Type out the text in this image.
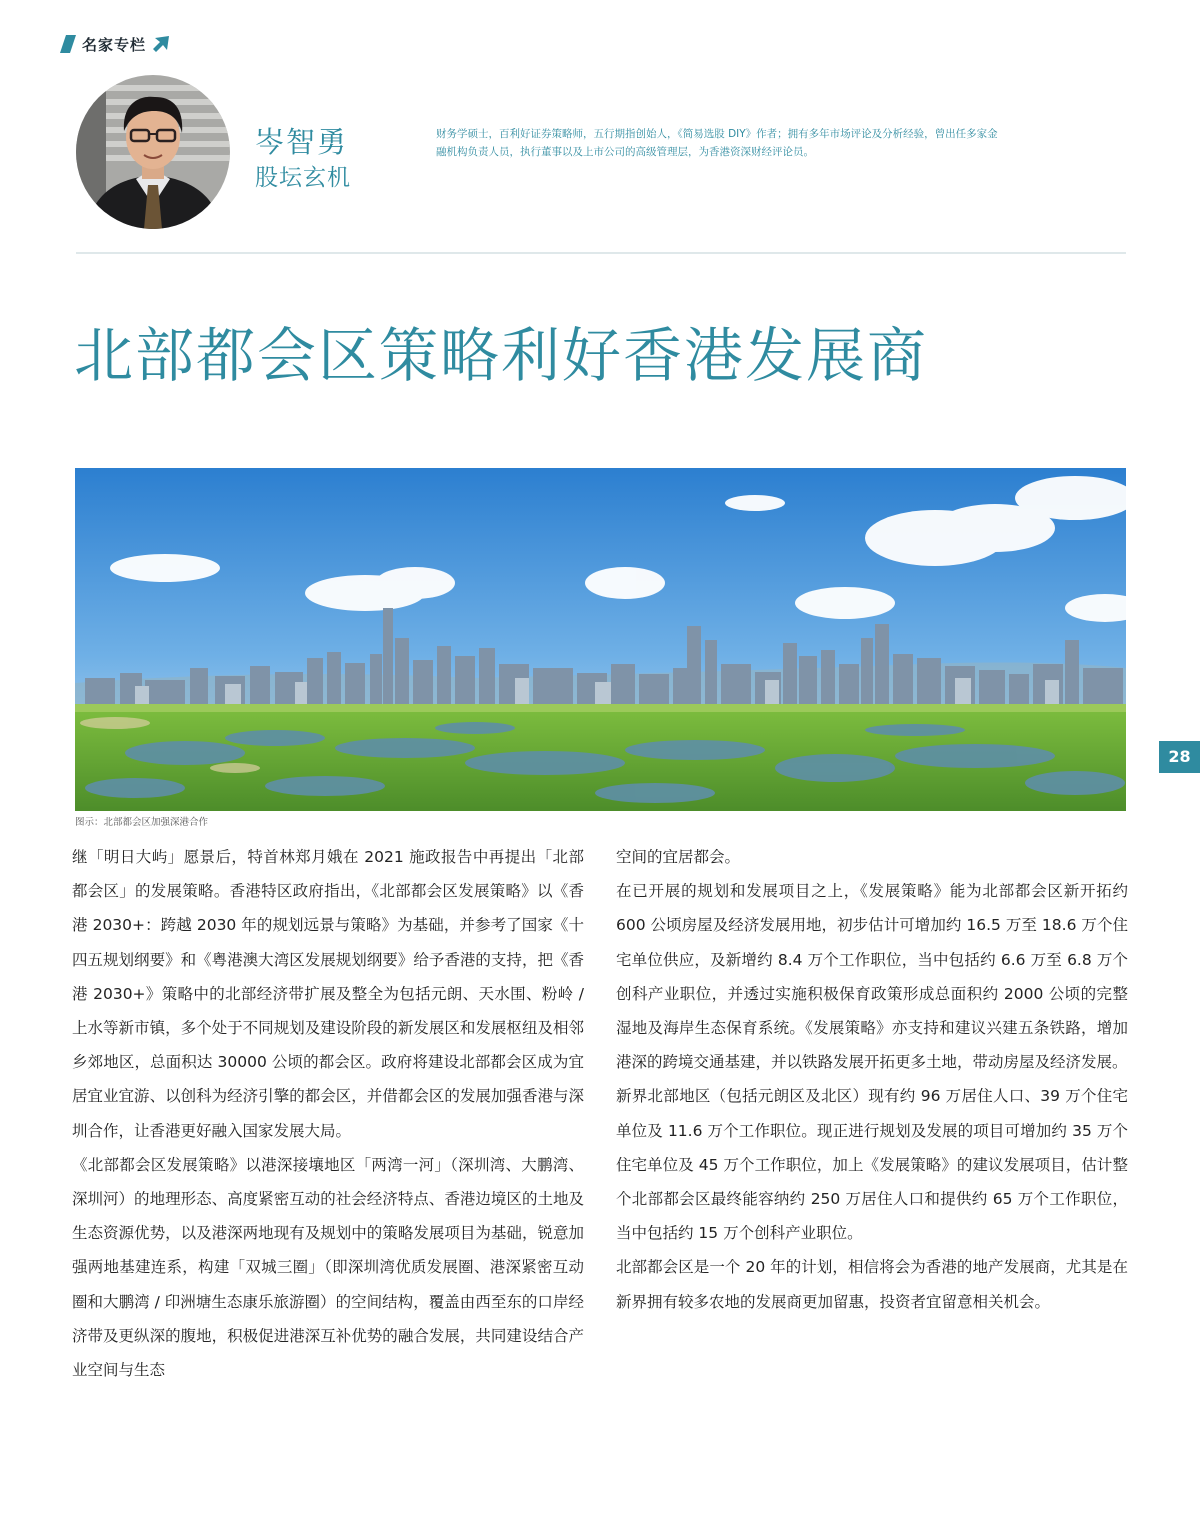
名家专栏
岑智勇
股坛玄机
财务学硕士，百利好证券策略师，五行期指创始人，《简易选股 DIY》作者；拥有多年市场评论及分析经验，曾出任多家金融机构负责人员，执行董事以及上市公司的高级管理层，为香港资深财经评论员。
北部都会区策略利好香港发展商
图示：北部都会区加强深港合作
28

继「明日大屿」愿景后，特首林郑月娥在 2021 施政报告中再提出「北部都会区」的发展策略。香港特区政府指出，《北部都会区发展策略》以《香港 2030+：跨越 2030 年的规划远景与策略》为基础，并参考了国家《十四五规划纲要》和《粤港澳大湾区发展规划纲要》给予香港的支持，把《香港 2030+》策略中的北部经济带扩展及整全为包括元朗、天水围、粉岭 / 上水等新市镇，多个处于不同规划及建设阶段的新发展区和发展枢纽及相邻乡郊地区，总面积达 30000 公顷的都会区。政府将建设北部都会区成为宜居宜业宜游、以创科为经济引擎的都会区，并借都会区的发展加强香港与深圳合作，让香港更好融入国家发展大局。

《北部都会区发展策略》以港深接壤地区「两湾一河」（深圳湾、大鹏湾、深圳河）的地理形态、高度紧密互动的社会经济特点、香港边境区的土地及生态资源优势，以及港深两地现有及规划中的策略发展项目为基础，锐意加强两地基建连系，构建「双城三圈」（即深圳湾优质发展圈、港深紧密互动圈和大鹏湾 / 印洲塘生态康乐旅游圈）的空间结构，覆盖由西至东的口岸经济带及更纵深的腹地，积极促进港深互补优势的融合发展，共同建设结合产业空间与生态

空间的宜居都会。

在已开展的规划和发展项目之上，《发展策略》能为北部都会区新开拓约 600 公顷房屋及经济发展用地，初步估计可增加约 16.5 万至 18.6 万个住宅单位供应，及新增约 8.4 万个工作职位，当中包括约 6.6 万至 6.8 万个创科产业职位，并透过实施积极保育政策形成总面积约 2000 公顷的完整湿地及海岸生态保育系统。《发展策略》亦支持和建议兴建五条铁路，增加港深的跨境交通基建，并以铁路发展开拓更多土地，带动房屋及经济发展。

新界北部地区（包括元朗区及北区）现有约 96 万居住人口、39 万个住宅单位及 11.6 万个工作职位。现正进行规划及发展的项目可增加约 35 万个住宅单位及 45 万个工作职位，加上《发展策略》的建议发展项目，估计整个北部都会区最终能容纳约 250 万居住人口和提供约 65 万个工作职位，当中包括约 15 万个创科产业职位。

北部都会区是一个 20 年的计划，相信将会为香港的地产发展商，尤其是在新界拥有较多农地的发展商更加留惠，投资者宜留意相关机会。
